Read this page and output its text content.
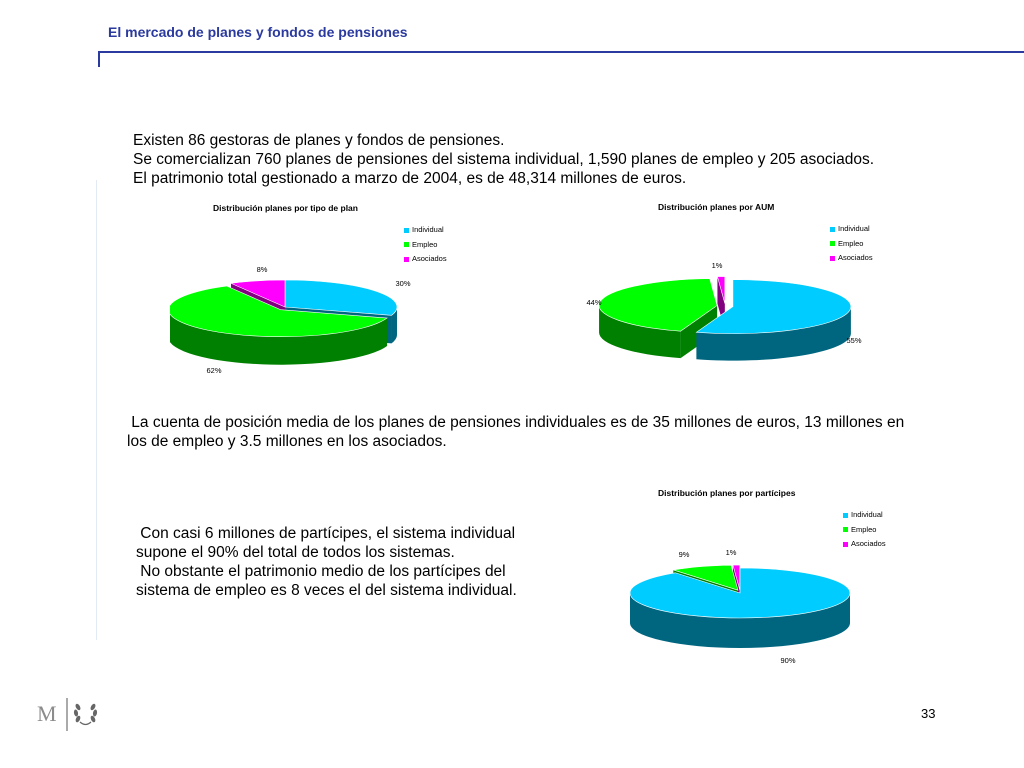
El mercado de planes y fondos de pensiones
Existen 86 gestoras de planes y fondos de pensiones.
Se comercializan 760 planes de pensiones del sistema individual, 1,590 planes de empleo y 205 asociados.
El patrimonio total gestionado a marzo de 2004, es de 48,314 millones de euros.
La cuenta de posición media de los planes de pensiones individuales es de 35 millones de euros, 13 millones en
los de empleo y 3.5 millones en los asociados.
Con casi 6 millones de partícipes, el sistema individual
supone el 90% del total de todos los sistemas.
No obstante el patrimonio medio de los partícipes del
sistema de empleo es 8 veces el del sistema individual.
Distribución planes por tipo de plan
Individual
Empleo
Asociados
30%
62%
8%
Distribución planes por AUM
Individual
Empleo
Asociados
55%
44%
1%
Distribución planes por partícipes
Individual
Empleo
Asociados
90%
9%	1%
M	33
